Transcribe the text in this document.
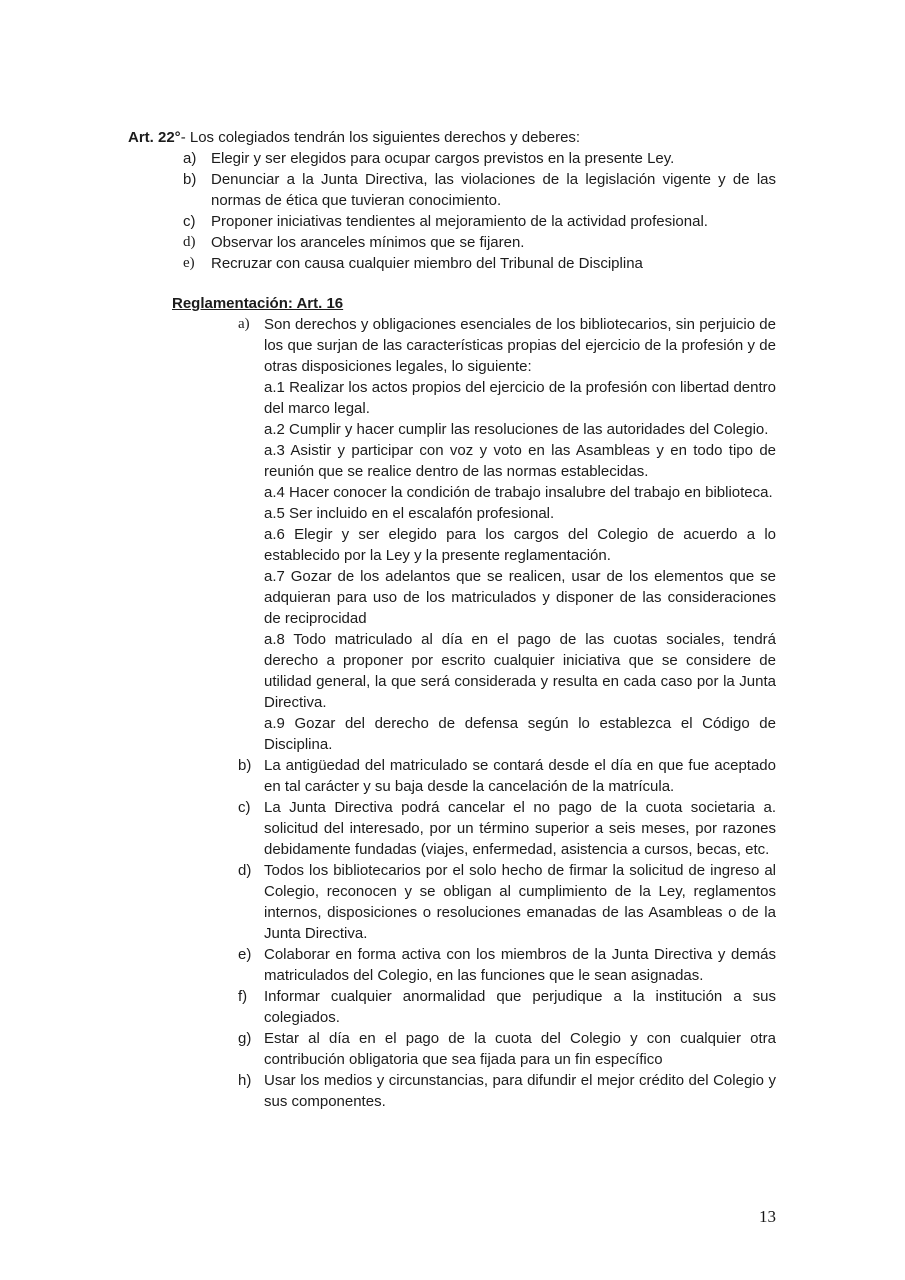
Art. 22°- Los colegiados tendrán los siguientes derechos y deberes:

a) Elegir y ser elegidos para ocupar cargos previstos en la presente Ley.
b) Denunciar a la Junta Directiva, las violaciones de la legislación vigente y de las normas de ética que tuvieran conocimiento.
c)	Proponer iniciativas tendientes al mejoramiento de la actividad profesional.
d)	Observar los aranceles mínimos que se fijaren.
e)	Recruzar con causa cualquier miembro del Tribunal de Disciplina

Reglamentación: Art. 16

a) Son derechos y obligaciones esenciales de los bibliotecarios, sin perjuicio de los que surjan de las características propias del ejercicio de la profesión y de otras disposiciones legales, lo siguiente:
a.1 Realizar los actos propios del ejercicio de la profesión con libertad dentro del marco legal.
a.2 Cumplir y hacer cumplir las resoluciones de las autoridades del Colegio.
a.3 Asistir y participar con voz y voto en las Asambleas y en todo tipo de reunión que se realice dentro de las normas establecidas.
a.4 Hacer conocer la condición de trabajo insalubre del trabajo en biblioteca.
a.5 Ser incluido en el escalafón profesional.
a.6 Elegir y ser elegido para los cargos del Colegio de acuerdo a lo establecido por la Ley y la presente reglamentación.
a.7 Gozar de los adelantos que se realicen, usar de los elementos que se adquieran para uso de los matriculados y disponer de las consideraciones de reciprocidad
a.8 Todo matriculado al día en el pago de las cuotas sociales, tendrá derecho a proponer por escrito cualquier iniciativa que se considere de utilidad general, la que será considerada y resulta en cada caso por la Junta Directiva.
a.9 Gozar del derecho de defensa según lo establezca el Código de Disciplina.
b) La antigüedad del matriculado se contará desde el día en que fue aceptado en tal carácter y su baja desde la cancelación de la matrícula.
c) La Junta Directiva podrá cancelar el no pago de la cuota societaria a. solicitud del interesado, por un término superior a seis meses, por razones debidamente fundadas (viajes, enfermedad, asistencia a cursos, becas, etc.
d) Todos los bibliotecarios por el solo hecho de firmar la solicitud de ingreso al Colegio, reconocen y se obligan al cumplimiento de la Ley, reglamentos internos, disposiciones o resoluciones emanadas de las Asambleas o de la Junta Directiva.
e) Colaborar en forma activa con los miembros de la Junta Directiva y demás matriculados del Colegio, en las funciones que le sean asignadas.
f)	Informar cualquier anormalidad que perjudique a la institución a sus colegiados.
g) Estar al día en el pago de la cuota del Colegio y con cualquier otra contribución obligatoria que sea fijada para un fin específico
h) Usar los medios y circunstancias, para difundir el mejor crédito del Colegio y sus componentes.
13
